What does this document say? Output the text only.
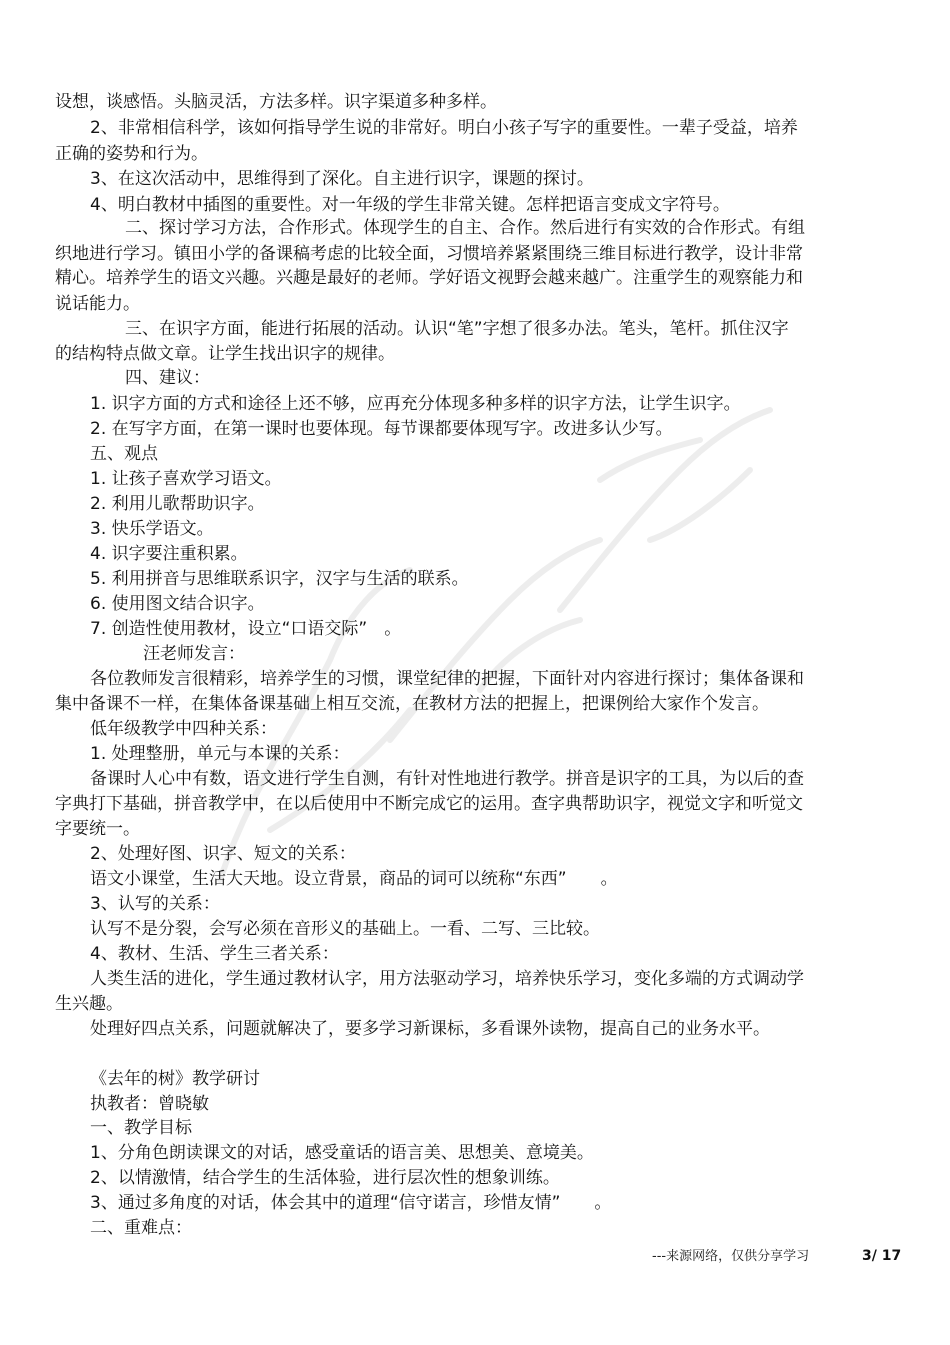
设想，谈感悟。头脑灵活，方法多样。识字渠道多种多样。
2、非常相信科学，该如何指导学生说的非常好。明白小孩子写字的重要性。一辈子受益，培养
正确的姿势和行为。
3、在这次活动中，思维得到了深化。自主进行识字，课题的探讨。
4、明白教材中插图的重要性。对一年级的学生非常关键。怎样把语言变成文字符号。
二、探讨学习方法，合作形式。体现学生的自主、合作。然后进行有实效的合作形式。有组
织地进行学习。镇田小学的备课稿考虑的比较全面，习惯培养紧紧围绕三维目标进行教学，设计非常
精心。培养学生的语文兴趣。兴趣是最好的老师。学好语文视野会越来越广。注重学生的观察能力和
说话能力。
三、在识字方面，能进行拓展的活动。认识“笔”字想了很多办法。笔头，笔杆。抓住汉字
的结构特点做文章。让学生找出识字的规律。
四、建议：
1. 识字方面的方式和途径上还不够，应再充分体现多种多样的识字方法，让学生识字。
2. 在写字方面，在第一课时也要体现。每节课都要体现写字。改进多认少写。
五、观点
1. 让孩子喜欢学习语文。
2. 利用儿歌帮助识字。
3. 快乐学语文。
4. 识字要注重积累。
5. 利用拼音与思维联系识字，汉字与生活的联系。
6. 使用图文结合识字。
7. 创造性使用教材，设立“口语交际”　。
汪老师发言：
各位教师发言很精彩，培养学生的习惯，课堂纪律的把握，下面针对内容进行探讨；集体备课和
集中备课不一样，在集体备课基础上相互交流，在教材方法的把握上，把课例给大家作个发言。
低年级教学中四种关系：
1. 处理整册，单元与本课的关系：
备课时人心中有数，语文进行学生自测，有针对性地进行教学。拼音是识字的工具，为以后的查
字典打下基础，拼音教学中，在以后使用中不断完成它的运用。查字典帮助识字，视觉文字和听觉文
字要统一。
2、处理好图、识字、短文的关系：
语文小课堂，生活大天地。设立背景，商品的词可以统称“东西”　　。
3、认写的关系：
认写不是分裂，会写必须在音形义的基础上。一看、二写、三比较。
4、教材、生活、学生三者关系：
人类生活的进化，学生通过教材认字，用方法驱动学习，培养快乐学习，变化多端的方式调动学
生兴趣。
处理好四点关系，问题就解决了，要多学习新课标，多看课外读物，提高自己的业务水平。
《去年的树》教学研讨
执教者：曾晓敏
一、教学目标
1、分角色朗读课文的对话，感受童话的语言美、思想美、意境美。
2、以情激情，结合学生的生活体验，进行层次性的想象训练。
3、通过多角度的对话，体会其中的道理“信守诺言，珍惜友情”　　。
二、重难点：
---来源网络，仅供分享学习	3/ 17
